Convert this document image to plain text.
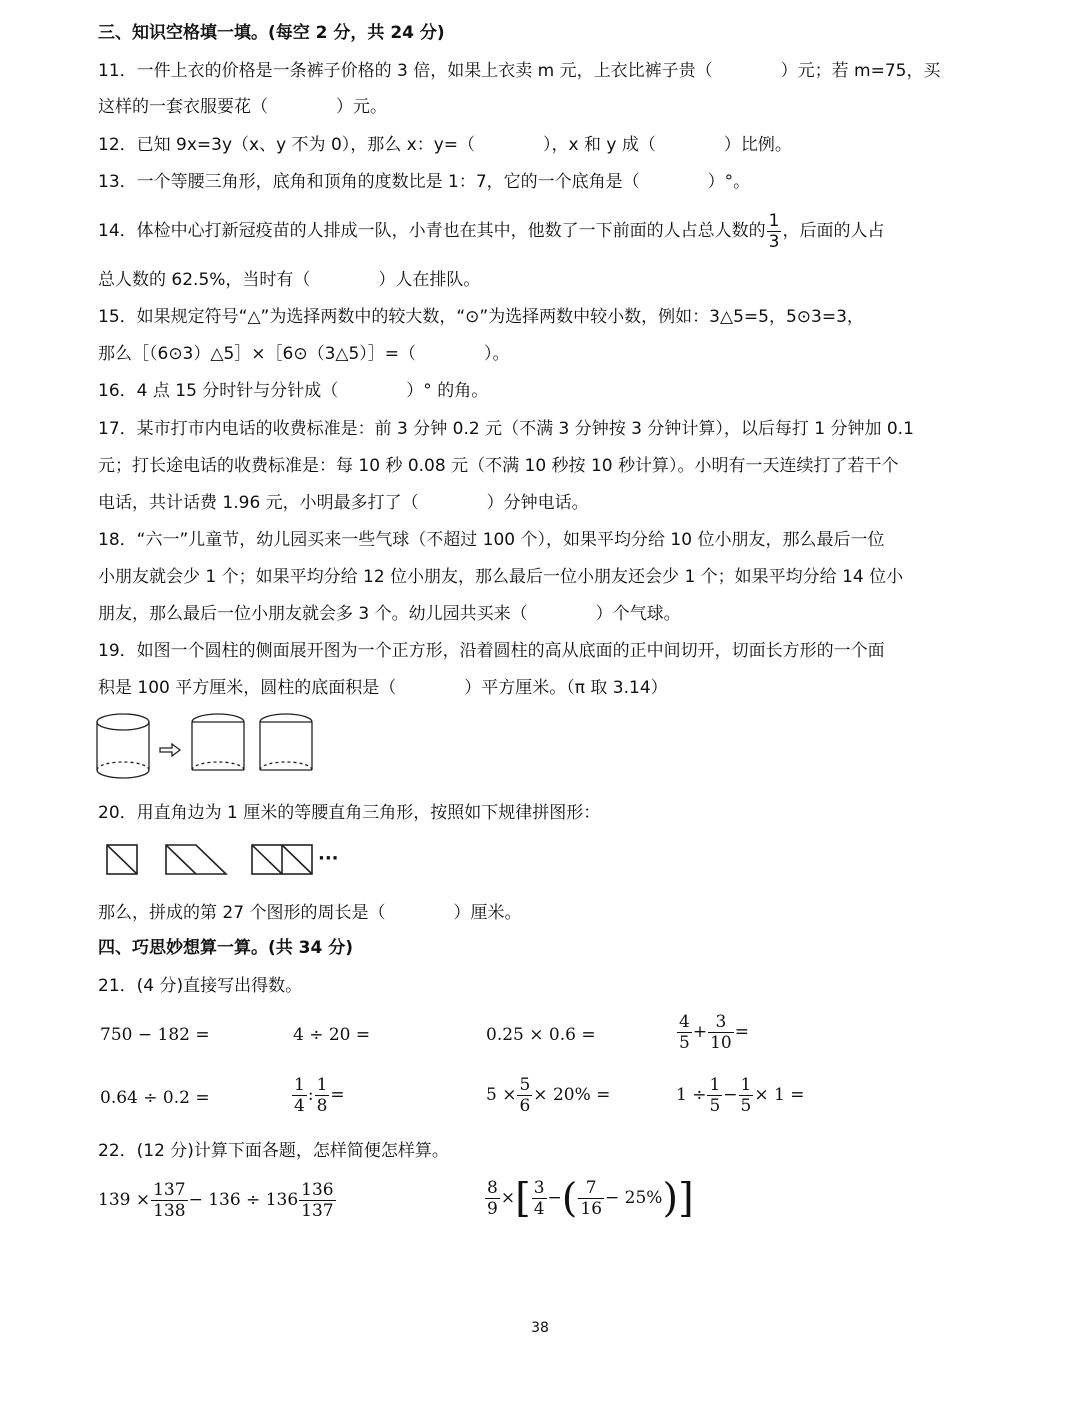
三、知识空格填一填。(每空 2 分，共 24 分)
11．一件上衣的价格是一条裤子价格的 3 倍，如果上衣卖 m 元，上衣比裤子贵（　　　　）元；若 m=75，买
这样的一套衣服要花（　　　　）元。
12．已知 9x=3y（x、y 不为 0），那么 x：y=（　　　　），x 和 y 成（　　　　）比例。
13．一个等腰三角形，底角和顶角的度数比是 1：7，它的一个底角是（　　　　）°。
14．体检中心打新冠疫苗的人排成一队，小青也在其中，他数了一下前面的人占总人数的 $\frac{1}{3}$ ，后面的人占
总人数的 62.5%，当时有（　　　　）人在排队。
15．如果规定符号“△”为选择两数中的较大数，“⊙”为选择两数中较小数，例如：3△5=5，5⊙3=3，
那么［（6⊙3）△5］×［6⊙（3△5）］=（　　　　）。
16．4 点 15 分时针与分针成（　　　　）° 的角。
17．某市打市内电话的收费标准是：前 3 分钟 0.2 元（不满 3 分钟按 3 分钟计算），以后每打 1 分钟加 0.1
元；打长途电话的收费标准是：每 10 秒 0.08 元（不满 10 秒按 10 秒计算）。小明有一天连续打了若干个
电话，共计话费 1.96 元，小明最多打了（　　　　）分钟电话。
18．“六一”儿童节，幼儿园买来一些气球（不超过 100 个），如果平均分给 10 位小朋友，那么最后一位
小朋友就会少 1 个；如果平均分给 12 位小朋友，那么最后一位小朋友还会少 1 个；如果平均分给 14 位小
朋友，那么最后一位小朋友就会多 3 个。幼儿园共买来（　　　　）个气球。
19．如图一个圆柱的侧面展开图为一个正方形，沿着圆柱的高从底面的正中间切开，切面长方形的一个面
积是 100 平方厘米，圆柱的底面积是（　　　　）平方厘米。（π 取 3.14）
20．用直角边为 1 厘米的等腰直角三角形，按照如下规律拼图形：
···
那么，拼成的第 27 个图形的周长是（　　　　）厘米。
四、巧思妙想算一算。(共 34 分)
21．(4 分)直接写出得数。
750 − 182 =	4 ÷ 20 =	0.25 × 0.6 =	$\frac{4}{5} + \frac{3}{10}$ =
0.64 ÷ 0.2 =	$\frac{1}{4}$ : $\frac{1}{8}$ =	$5 \times \frac{5}{6} \times 20\%$ =	$1 \div \frac{1}{5} - \frac{1}{5} \times 1$ =
22．(12 分)计算下面各题，怎样简便怎样算。
$139 \times \frac{137}{138} - 136 \div 136 \frac{136}{137}$	$\frac{8}{9}$ ×[ $\frac{3}{4}$ −( $\frac{7}{16} - 25\%$)]
38
